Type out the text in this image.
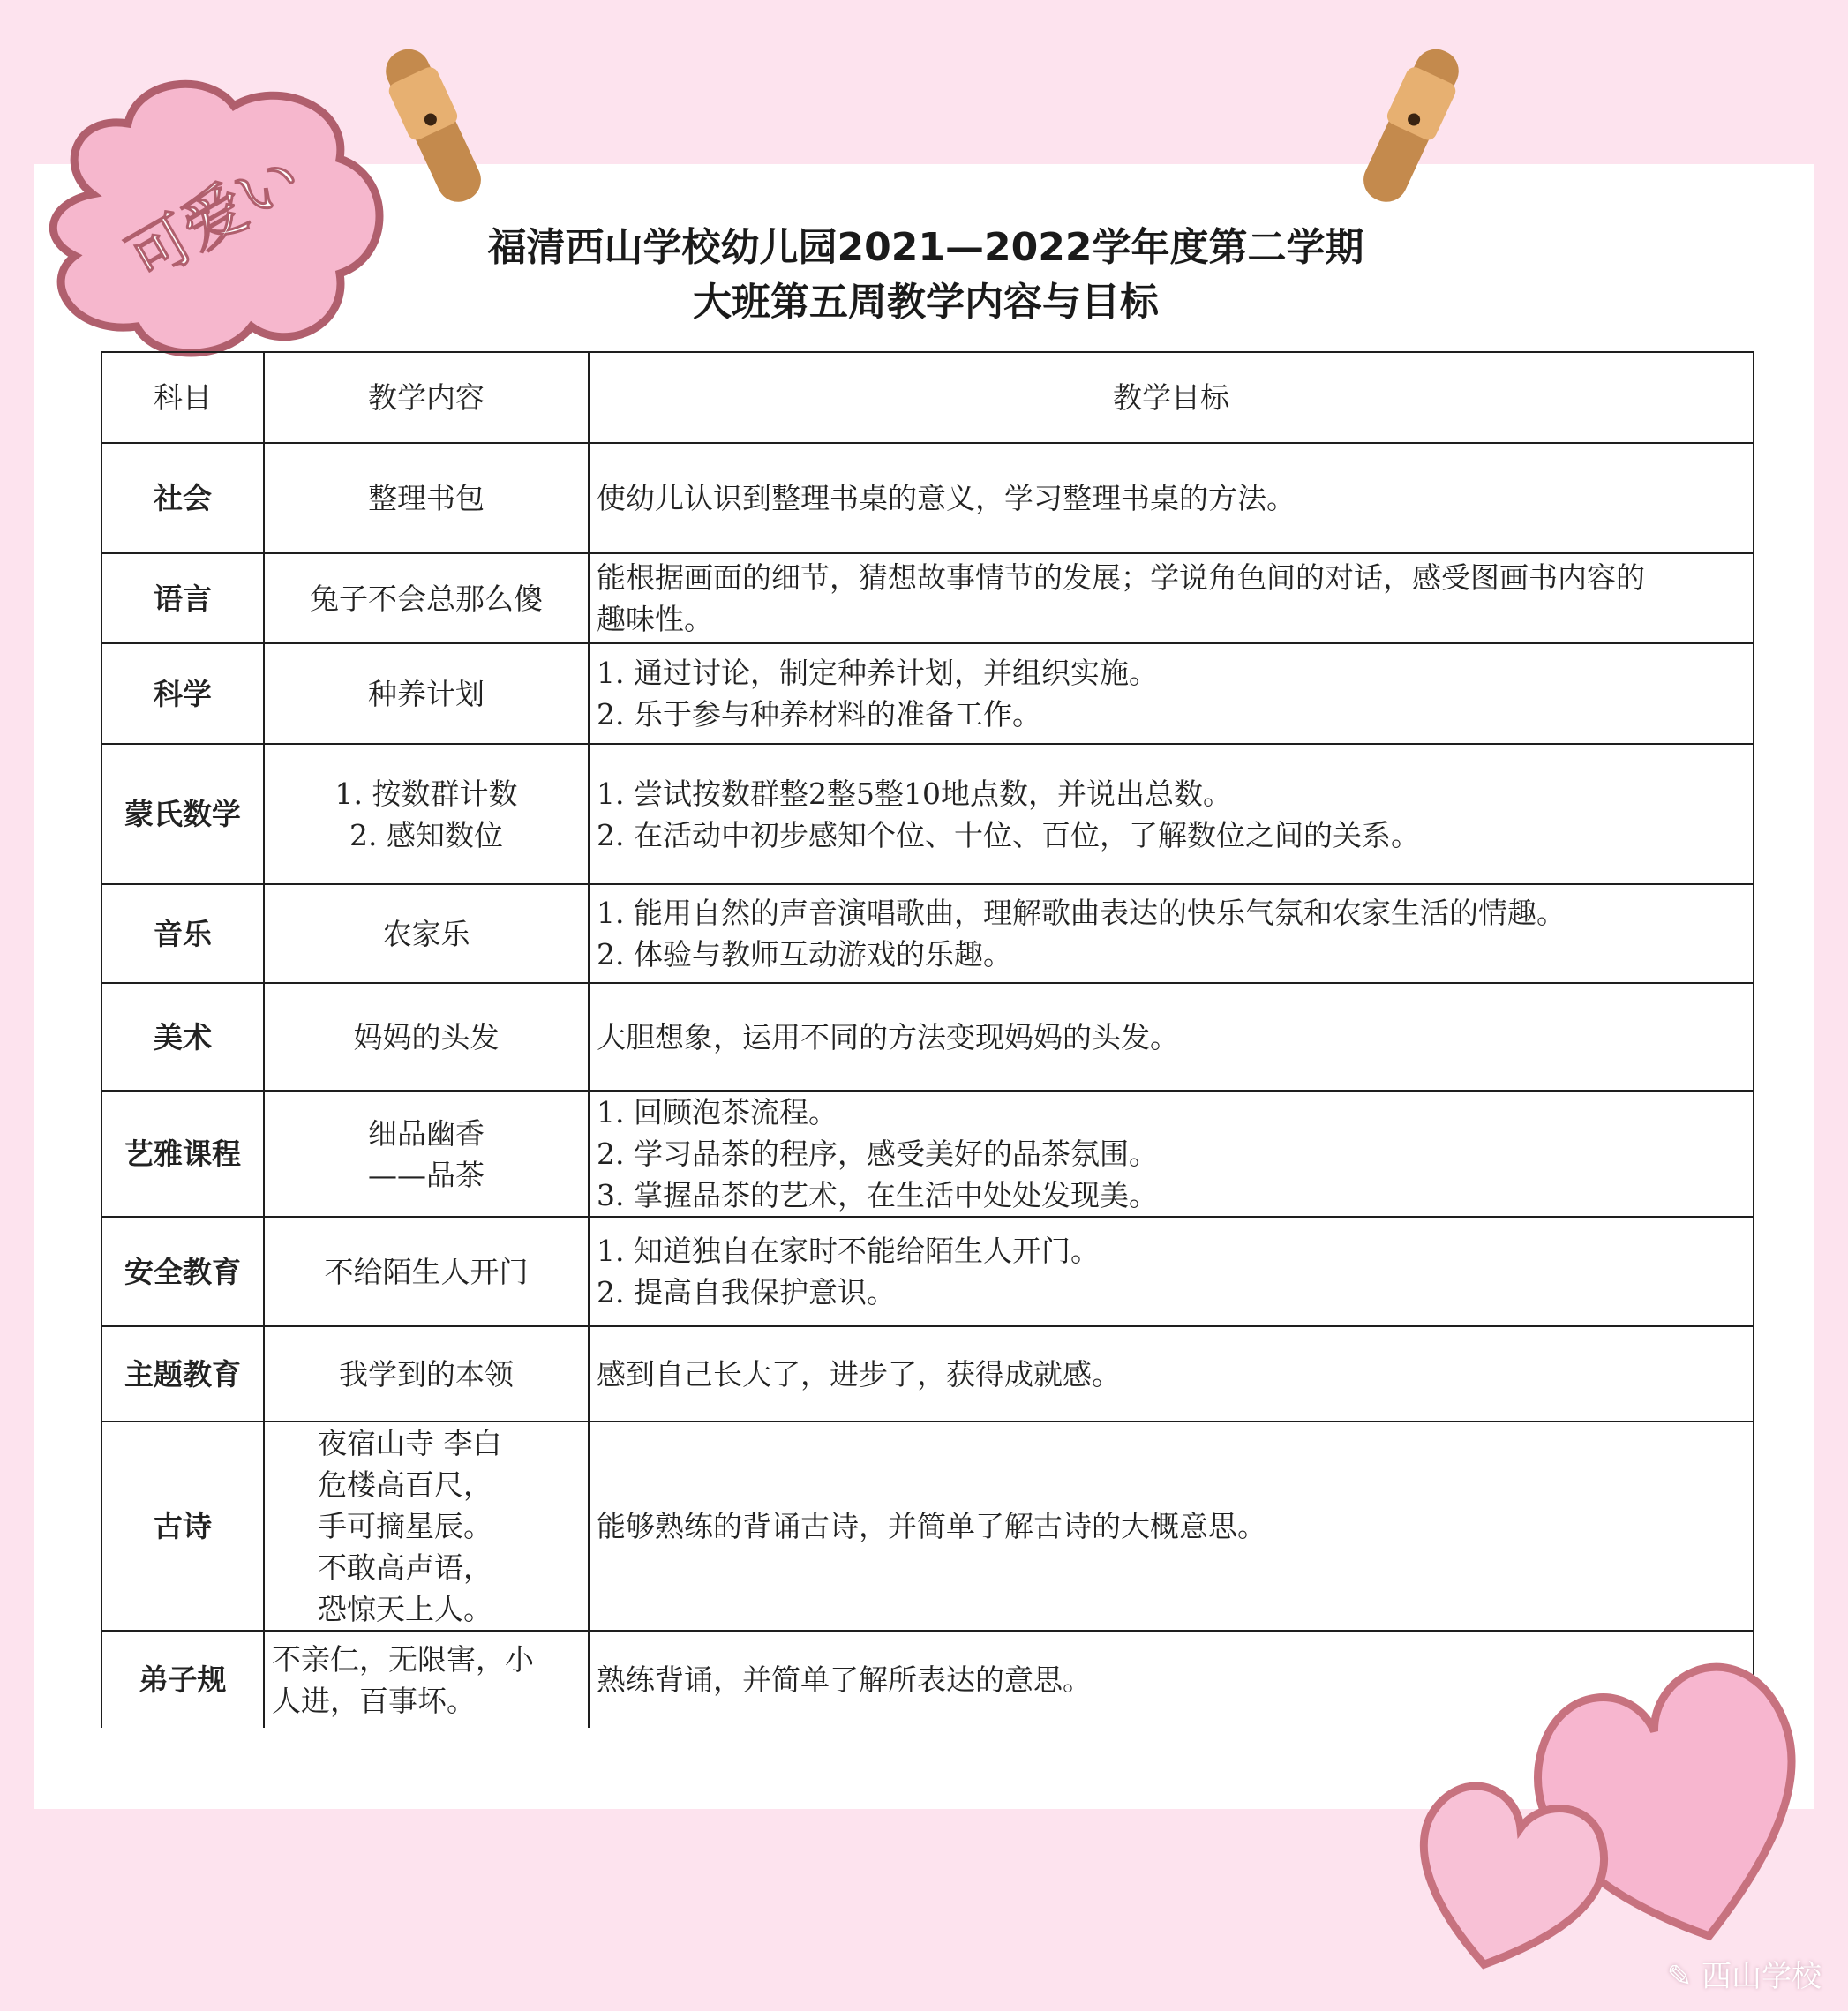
可爱い	福清西山学校幼儿园2021—2022学年度第二学期
大班第五周教学内容与目标
科目	教学内容	教学目标
社会	整理书包	使幼儿认识到整理书桌的意义，学习整理书桌的方法。

语言	兔子不会总那么傻	能根据画面的细节，猜想故事情节的发展；学说角色间的对话，感受图画书内容的
趣味性。

科学	种养计划	1. 通过讨论，制定种养计划，并组织实施。
2. 乐于参与种养材料的准备工作。

蒙氏数学	1. 按数群计数
2. 感知数位	1. 尝试按数群整2整5整10地点数，并说出总数。
2. 在活动中初步感知个位、十位、百位，了解数位之间的关系。

音乐	农家乐	1. 能用自然的声音演唱歌曲，理解歌曲表达的快乐气氛和农家生活的情趣。
2. 体验与教师互动游戏的乐趣。

美术	妈妈的头发	大胆想象，运用不同的方法变现妈妈的头发。

艺雅课程	细品幽香
——品茶	1. 回顾泡茶流程。
2. 学习品茶的程序，感受美好的品茶氛围。
3. 掌握品茶的艺术，在生活中处处发现美。

安全教育	不给陌生人开门	1. 知道独自在家时不能给陌生人开门。
2. 提高自我保护意识。

主题教育	我学到的本领	感到自己长大了，进步了，获得成就感。

古诗	夜宿山寺 李白
危楼高百尺，
手可摘星辰。
不敢高声语，
恐惊天上人。	能够熟练的背诵古诗，并简单了解古诗的大概意思。

弟子规	不亲仁，无限害，小
人进，百事坏。	熟练背诵，并简单了解所表达的意思。
✎ 西山学校
